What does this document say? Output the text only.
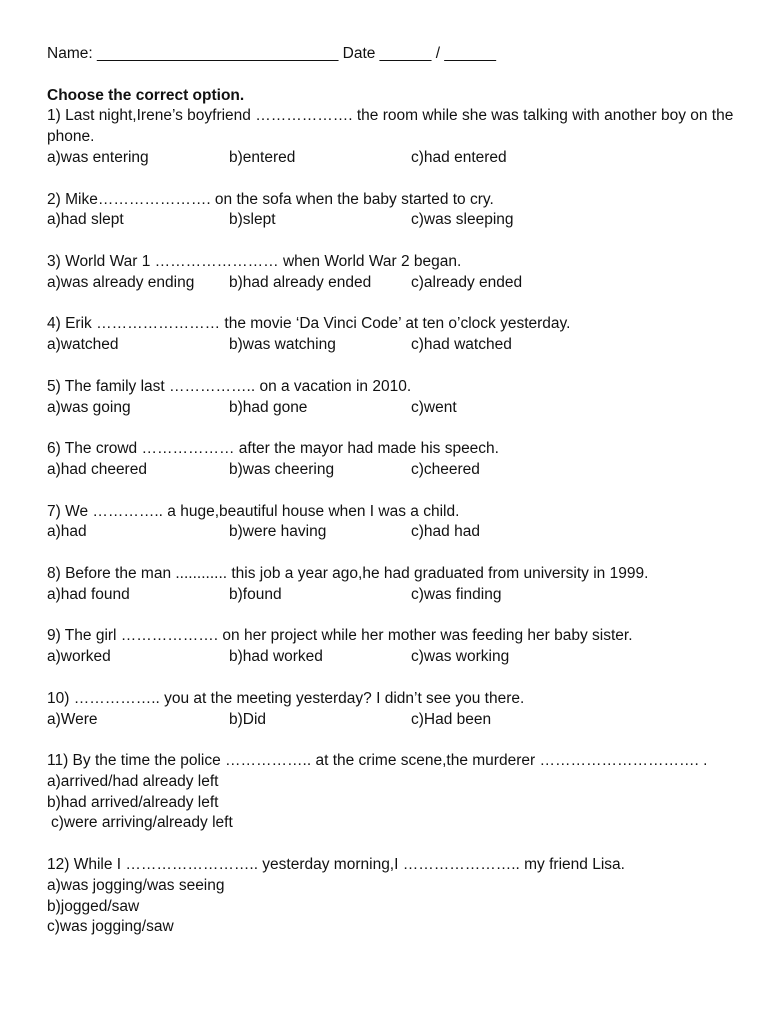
Name: ____________________________ Date ______ / ______
Choose the correct option.
1) Last night,Irene’s boyfriend ………………. the room while she was talking with another boy on the phone.
a)was entering	b)entered	c)had entered
2) Mike…………………. on the sofa when the baby started to cry.
a)had slept	b)slept	c)was sleeping
3) World War 1 …………………… when World War 2 began.
a)was already ending	b)had already ended	c)already ended
4) Erik …………………… the movie ‘Da Vinci Code’ at ten o’clock yesterday.
a)watched	b)was watching	c)had watched
5) The family last …………….. on a vacation in 2010.
a)was going	b)had gone	c)went
6) The crowd ……………… after the mayor had made his speech.
a)had cheered	b)was cheering	c)cheered
7) We ………….. a huge,beautiful house when I was a child.
a)had	b)were having	c)had had
8) Before the man ............ this job a year ago,he had graduated from university in 1999.
a)had found	b)found	c)was finding
9) The girl ………………. on her project while her mother was feeding her baby sister.
a)worked	b)had worked	c)was working
10) …………….. you at the meeting yesterday? I didn’t see you there.
a)Were	b)Did	c)Had been
11) By the time the police …………….. at the crime scene,the murderer …………………………. .
a)arrived/had already left
b)had arrived/already left
c)were arriving/already left
12) While I …………………….. yesterday morning,I ………………….. my friend Lisa.
a)was jogging/was seeing
b)jogged/saw
c)was jogging/saw
